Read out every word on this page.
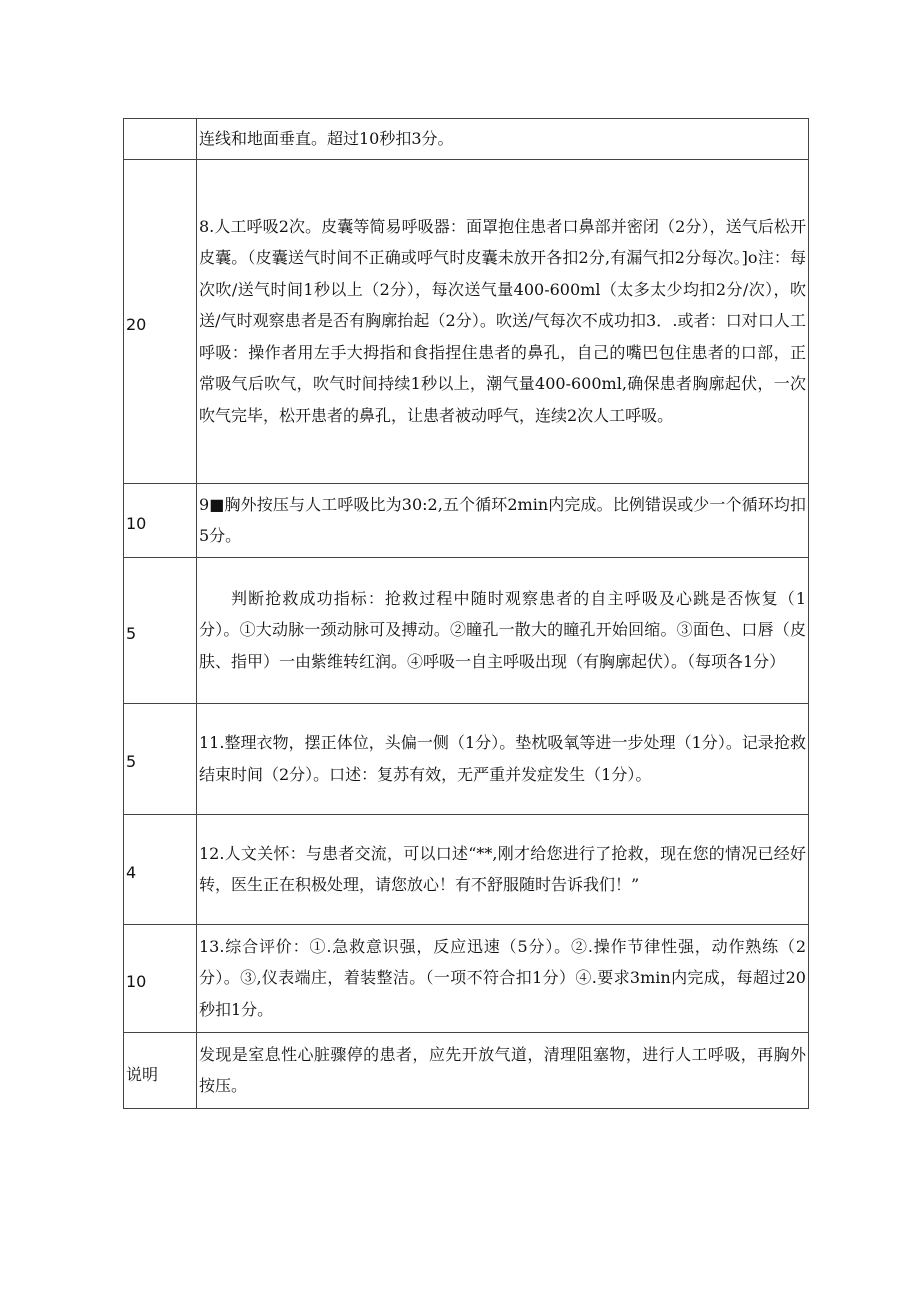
	连线和地面垂直。超过10秒扣3分。
20	8.人工呼吸2次。皮囊等简易呼吸器：面罩抱住患者口鼻部并密闭（2分），送气后松开皮囊。（皮囊送气时间不正确或呼气时皮囊未放开各扣2分,有漏气扣2分每次。]o注：每次吹/送气时间1秒以上（2分），每次送气量400-600ml（太多太少均扣2分/次），吹送/气时观察患者是否有胸廓抬起（2分）。吹送/气每次不成功扣3．.或者：口对口人工呼吸：操作者用左手大拇指和食指捏住患者的鼻孔，自己的嘴巴包住患者的口部，正常吸气后吹气，吹气时间持续1秒以上，潮气量400-600ml,确保患者胸廓起伏，一次吹气完毕，松开患者的鼻孔，让患者被动呼气，连续2次人工呼吸。
10	9■胸外按压与人工呼吸比为30:2,五个循环2min内完成。比例错误或少一个循环均扣5分。
5	判断抢救成功指标：抢救过程中随时观察患者的自主呼吸及心跳是否恢复（1分）。①大动脉一颈动脉可及搏动。②瞳孔一散大的瞳孔开始回缩。③面色、口唇（皮肤、指甲）一由紫维转红润。④呼吸一自主呼吸出现（有胸廓起伏）。（每项各1分）
5	11.整理衣物，摆正体位，头偏一侧（1分）。垫枕吸氧等进一步处理（1分）。记录抢救结束时间（2分）。口述：复苏有效，无严重并发症发生（1分）。
4	12.人文关怀：与患者交流，可以口述“**,刚才给您进行了抢救，现在您的情况已经好转，医生正在积极处理，请您放心！有不舒服随时告诉我们！”
10	13.综合评价：①.急救意识强，反应迅速（5分）。②.操作节律性强，动作熟练（2分）。③,仪表端庄，着装整洁。（一项不符合扣1分）④.要求3min内完成，每超过20秒扣1分。
说明	发现是室息性心脏骤停的患者，应先开放气道，清理阻塞物，进行人工呼吸，再胸外按压。
